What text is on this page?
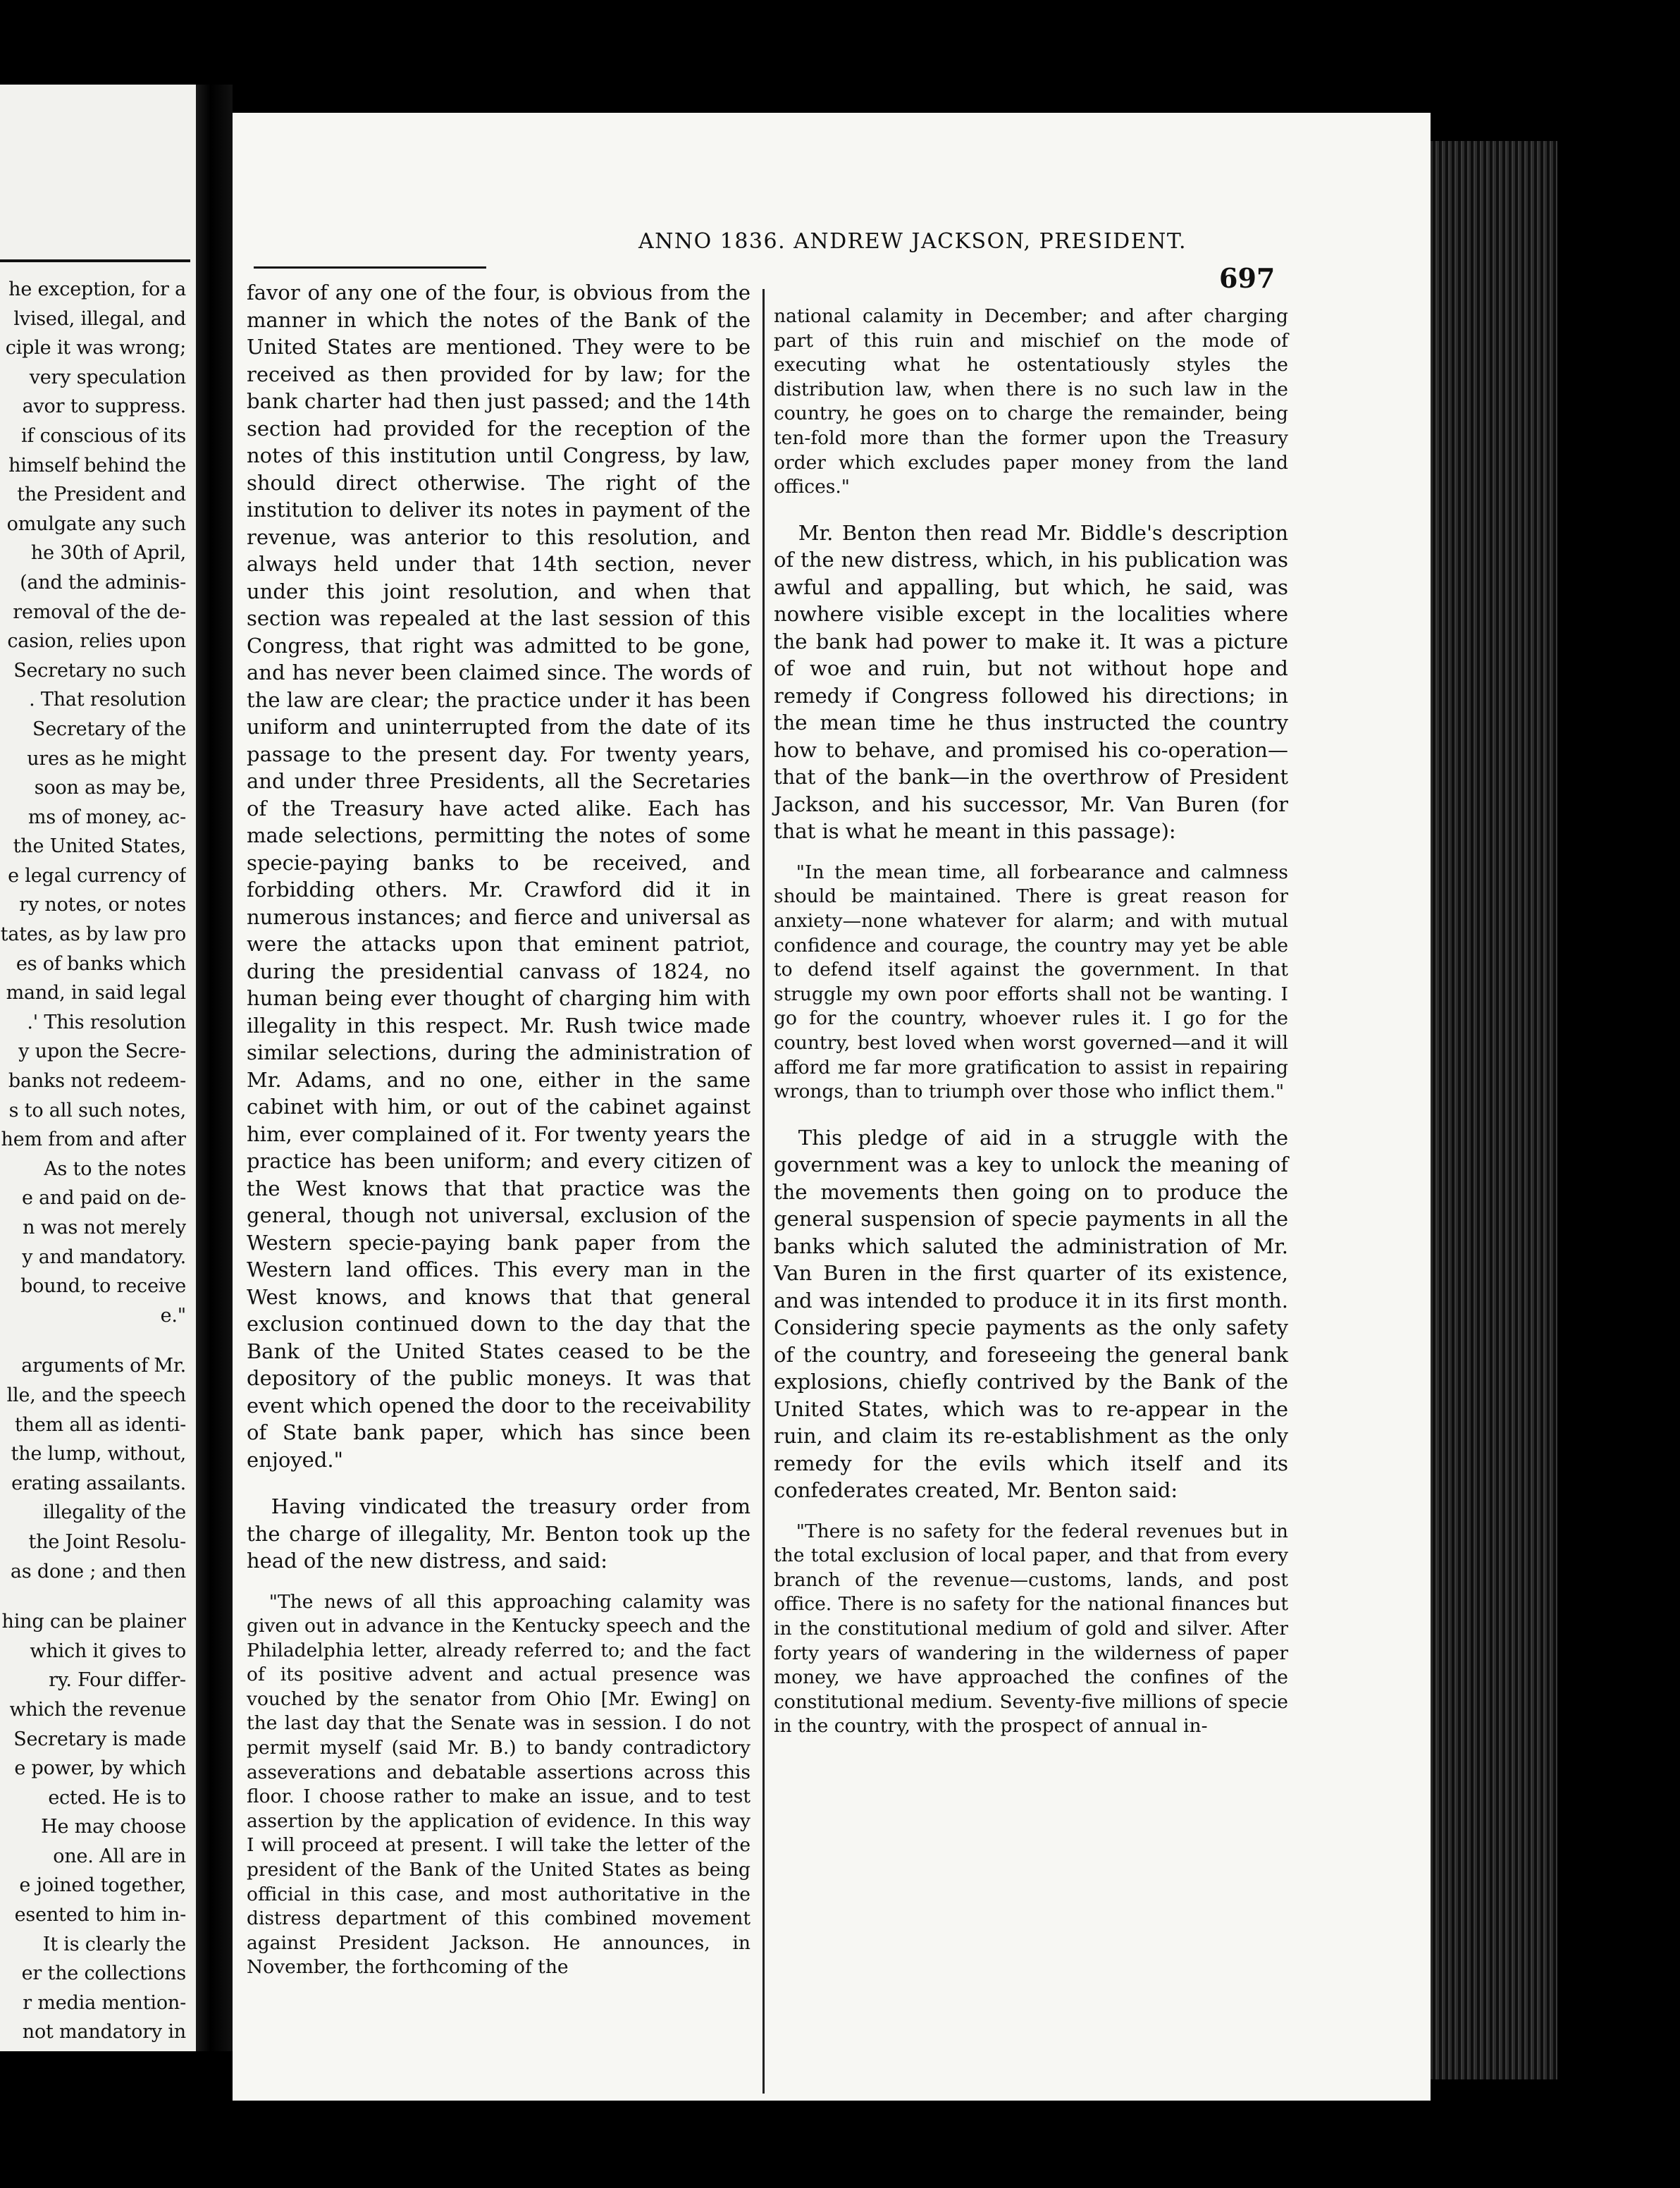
he exception, for a
lvised, illegal, and
ciple it was wrong;
very speculation
avor to suppress.
if conscious of its
himself behind the
the President and
omulgate any such
he 30th of April,
(and the adminis-
removal of the de-
casion, relies upon
Secretary no such
. That resolution
Secretary of the
ures as he might
soon as may be,
ms of money, ac-
the United States,
e legal currency of
ry notes, or notes
tates, as by law pro
es of banks which
mand, in said legal
.' This resolution
y upon the Secre-
banks not redeem-
s to all such notes,
hem from and after
As to the notes
e and paid on de-
n was not merely
y and mandatory.
bound, to receive
e."
arguments of Mr.
lle, and the speech
them all as identi-
the lump, without,
erating assailants.
illegality of the
the Joint Resolu-
as done ; and then
hing can be plainer
which it gives to
ry. Four differ-
which the revenue
Secretary is made
e power, by which
ected. He is to
He may choose
one. All are in
e joined together,
esented to him in-
It is clearly the
er the collections
r media mention-
not mandatory in
ANNO 1836. ANDREW JACKSON, PRESIDENT.
697

favor of any one of the four, is obvious from the manner in which the notes of the Bank of the United States are mentioned. They were to be received as then provided for by law; for the bank charter had then just passed; and the 14th section had provided for the reception of the notes of this institution until Congress, by law, should direct otherwise. The right of the institution to deliver its notes in payment of the revenue, was anterior to this resolution, and always held under that 14th section, never under this joint resolution, and when that section was repealed at the last session of this Congress, that right was admitted to be gone, and has never been claimed since. The words of the law are clear; the practice under it has been uniform and uninterrupted from the date of its passage to the present day. For twenty years, and under three Presidents, all the Secretaries of the Treasury have acted alike. Each has made selections, permitting the notes of some specie-paying banks to be received, and forbidding others. Mr. Crawford did it in numerous instances; and fierce and universal as were the attacks upon that eminent patriot, during the presidential canvass of 1824, no human being ever thought of charging him with illegality in this respect. Mr. Rush twice made similar selections, during the administration of Mr. Adams, and no one, either in the same cabinet with him, or out of the cabinet against him, ever complained of it. For twenty years the practice has been uniform; and every citizen of the West knows that that practice was the general, though not universal, exclusion of the Western specie-paying bank paper from the Western land offices. This every man in the West knows, and knows that that general exclusion continued down to the day that the Bank of the United States ceased to be the depository of the public moneys. It was that event which opened the door to the receivability of State bank paper, which has since been enjoyed."

Having vindicated the treasury order from the charge of illegality, Mr. Benton took up the head of the new distress, and said:

"The news of all this approaching calamity was given out in advance in the Kentucky speech and the Philadelphia letter, already referred to; and the fact of its positive advent and actual presence was vouched by the senator from Ohio [Mr. Ewing] on the last day that the Senate was in session. I do not permit myself (said Mr. B.) to bandy contradictory asseverations and debatable assertions across this floor. I choose rather to make an issue, and to test assertion by the application of evidence. In this way I will proceed at present. I will take the letter of the president of the Bank of the United States as being official in this case, and most authoritative in the distress department of this combined movement against President Jackson. He announces, in November, the forthcoming of the

national calamity in December; and after charging part of this ruin and mischief on the mode of executing what he ostentatiously styles the distribution law, when there is no such law in the country, he goes on to charge the remainder, being ten-fold more than the former upon the Treasury order which excludes paper money from the land offices."

Mr. Benton then read Mr. Biddle's description of the new distress, which, in his publication was awful and appalling, but which, he said, was nowhere visible except in the localities where the bank had power to make it. It was a picture of woe and ruin, but not without hope and remedy if Congress followed his directions; in the mean time he thus instructed the country how to behave, and promised his co-operation—that of the bank—in the overthrow of President Jackson, and his successor, Mr. Van Buren (for that is what he meant in this passage):

"In the mean time, all forbearance and calmness should be maintained. There is great reason for anxiety—none whatever for alarm; and with mutual confidence and courage, the country may yet be able to defend itself against the government. In that struggle my own poor efforts shall not be wanting. I go for the country, whoever rules it. I go for the country, best loved when worst governed—and it will afford me far more gratification to assist in repairing wrongs, than to triumph over those who inflict them."

This pledge of aid in a struggle with the government was a key to unlock the meaning of the movements then going on to produce the general suspension of specie payments in all the banks which saluted the administration of Mr. Van Buren in the first quarter of its existence, and was intended to produce it in its first month. Considering specie payments as the only safety of the country, and foreseeing the general bank explosions, chiefly contrived by the Bank of the United States, which was to re-appear in the ruin, and claim its re-establishment as the only remedy for the evils which itself and its confederates created, Mr. Benton said:

"There is no safety for the federal revenues but in the total exclusion of local paper, and that from every branch of the revenue—customs, lands, and post office. There is no safety for the national finances but in the constitutional medium of gold and silver. After forty years of wandering in the wilderness of paper money, we have approached the confines of the constitutional medium. Seventy-five millions of specie in the country, with the prospect of annual in-
